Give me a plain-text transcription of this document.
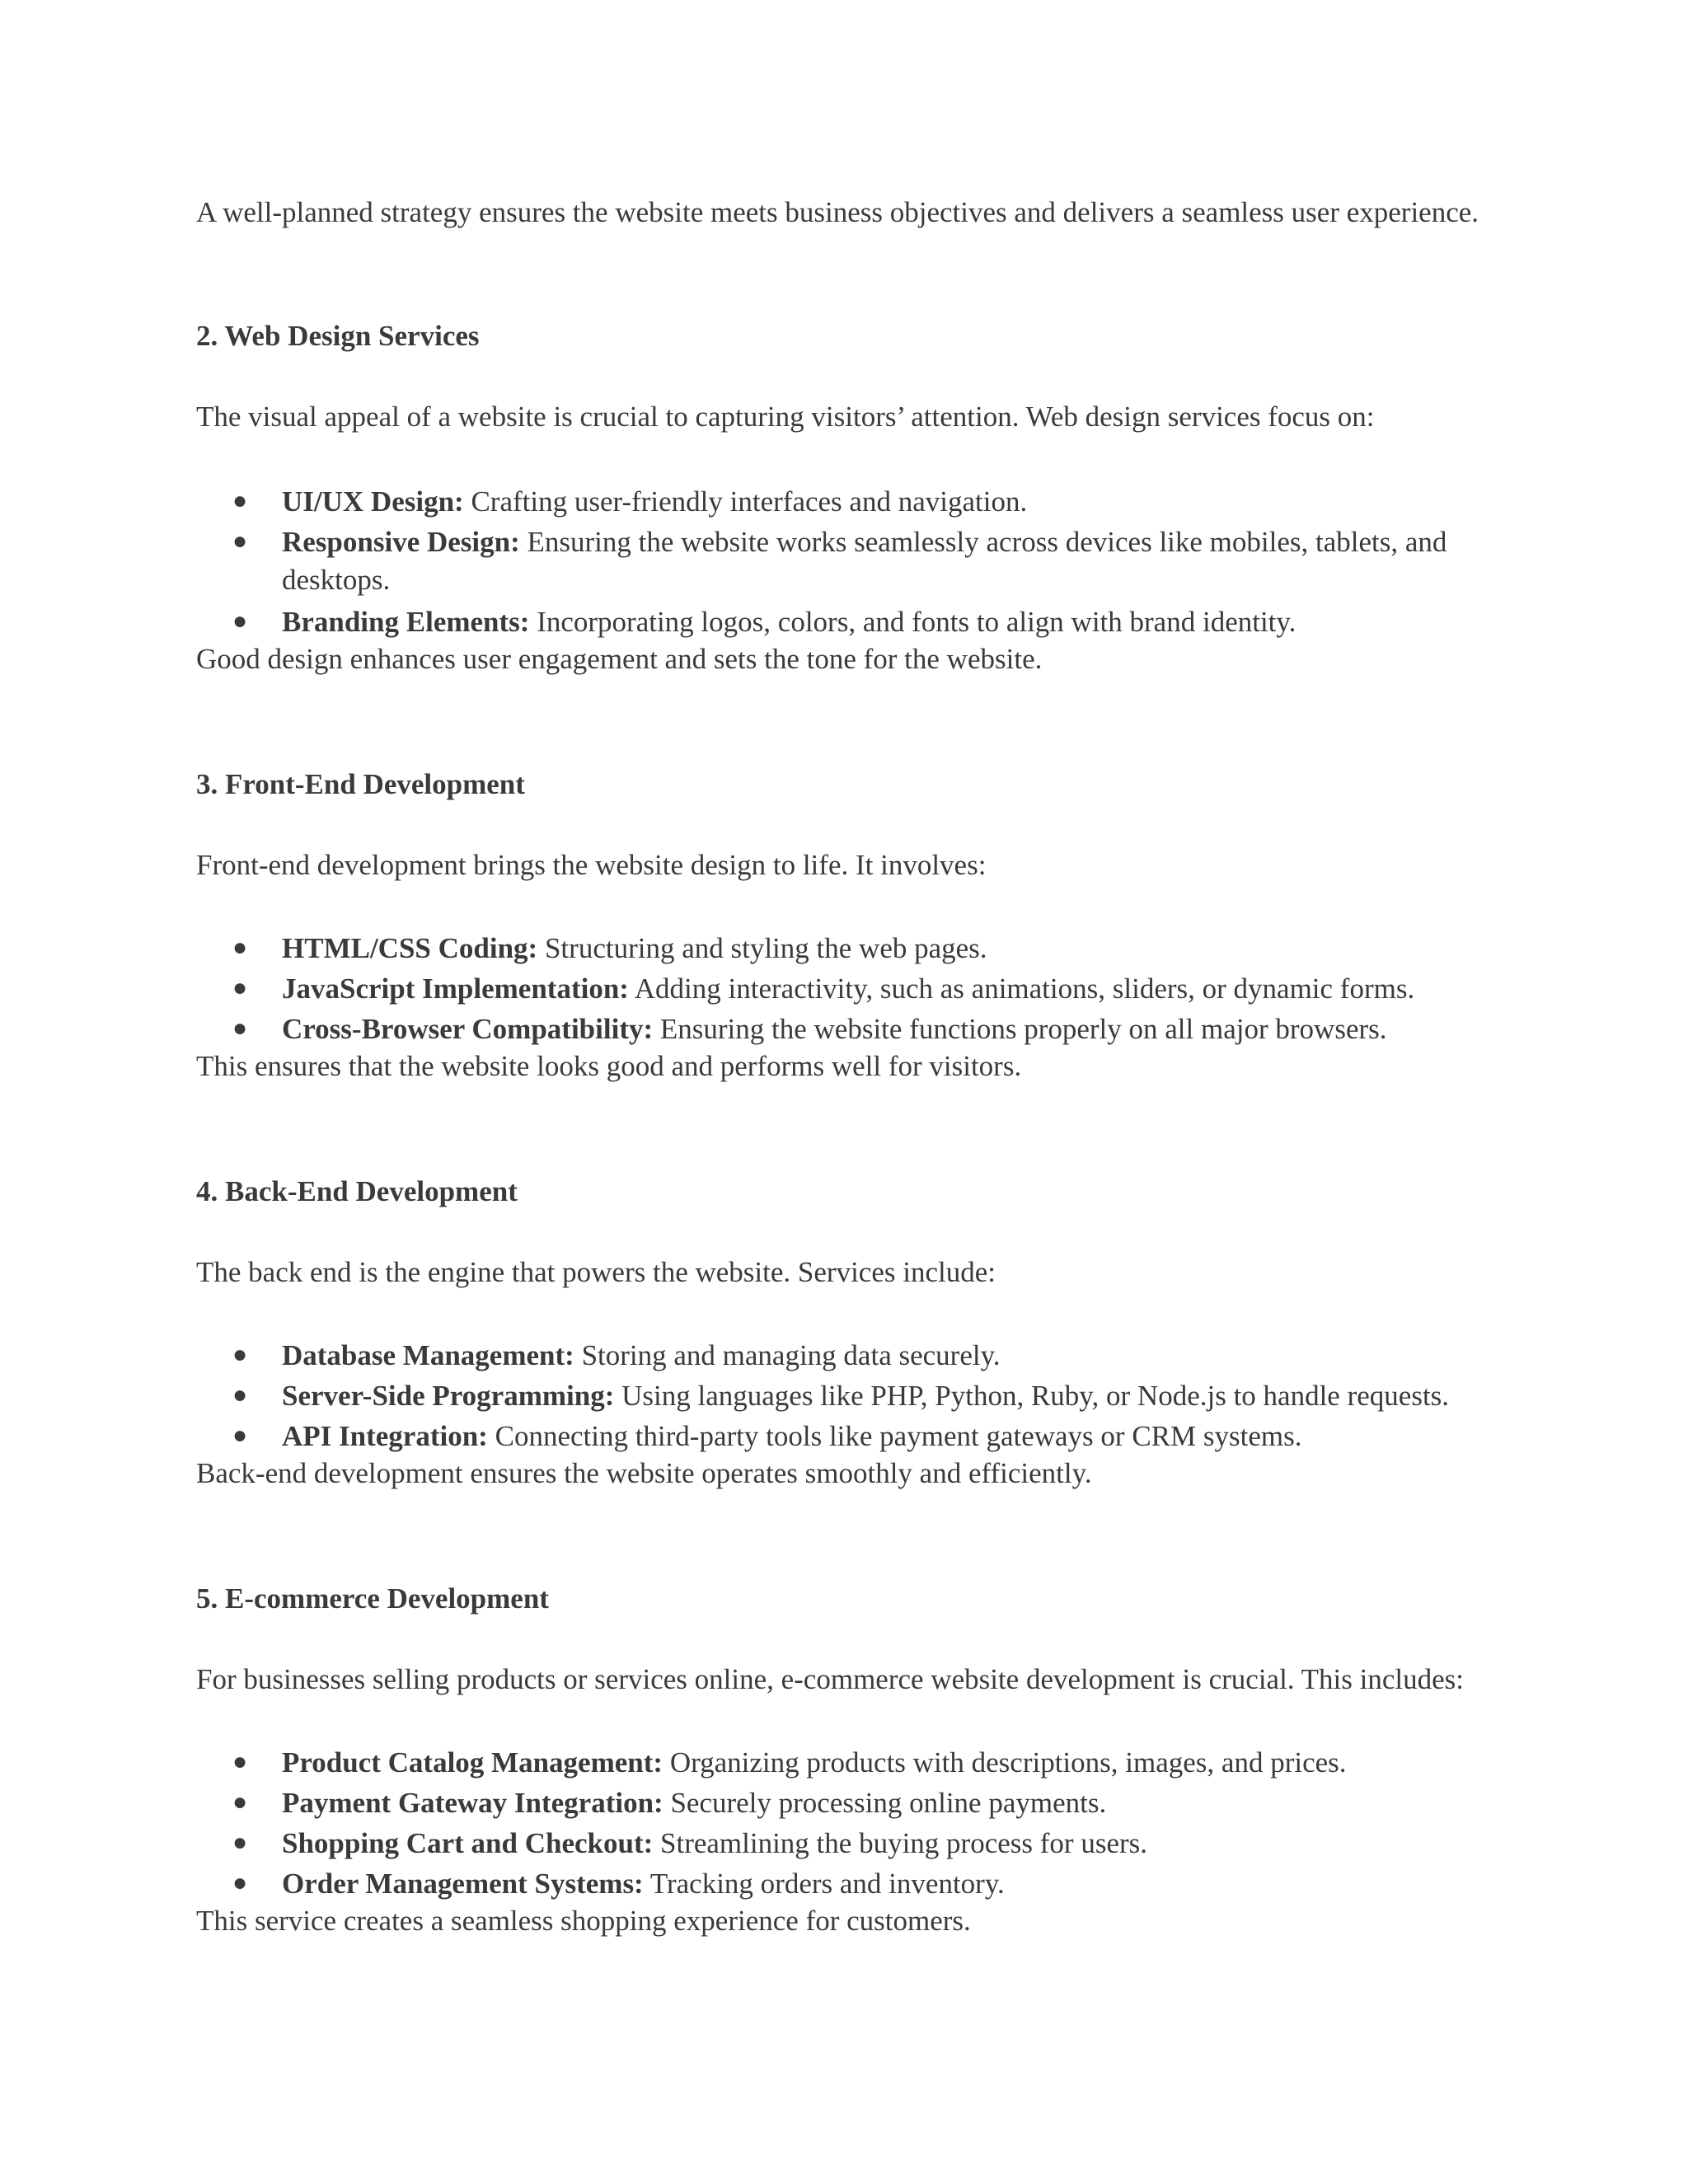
A well-planned strategy ensures the website meets business objectives and delivers a seamless user experience.

2. Web Design Services

The visual appeal of a website is crucial to capturing visitors’ attention. Web design services focus on:

● UI/UX Design: Crafting user-friendly interfaces and navigation.

● Responsive Design: Ensuring the website works seamlessly across devices like mobiles, tablets, and desktops.

● Branding Elements: Incorporating logos, colors, and fonts to align with brand identity.

Good design enhances user engagement and sets the tone for the website.

3. Front-End Development

Front-end development brings the website design to life. It involves:

● HTML/CSS Coding: Structuring and styling the web pages.

● JavaScript Implementation: Adding interactivity, such as animations, sliders, or dynamic forms.

● Cross-Browser Compatibility: Ensuring the website functions properly on all major browsers.

This ensures that the website looks good and performs well for visitors.

4. Back-End Development

The back end is the engine that powers the website. Services include:

● Database Management: Storing and managing data securely.

● Server-Side Programming: Using languages like PHP, Python, Ruby, or Node.js to handle requests.

● API Integration: Connecting third-party tools like payment gateways or CRM systems.

Back-end development ensures the website operates smoothly and efficiently.

5. E-commerce Development

For businesses selling products or services online, e-commerce website development is crucial. This includes:

● Product Catalog Management: Organizing products with descriptions, images, and prices.

● Payment Gateway Integration: Securely processing online payments.

● Shopping Cart and Checkout: Streamlining the buying process for users.

● Order Management Systems: Tracking orders and inventory.

This service creates a seamless shopping experience for customers.
